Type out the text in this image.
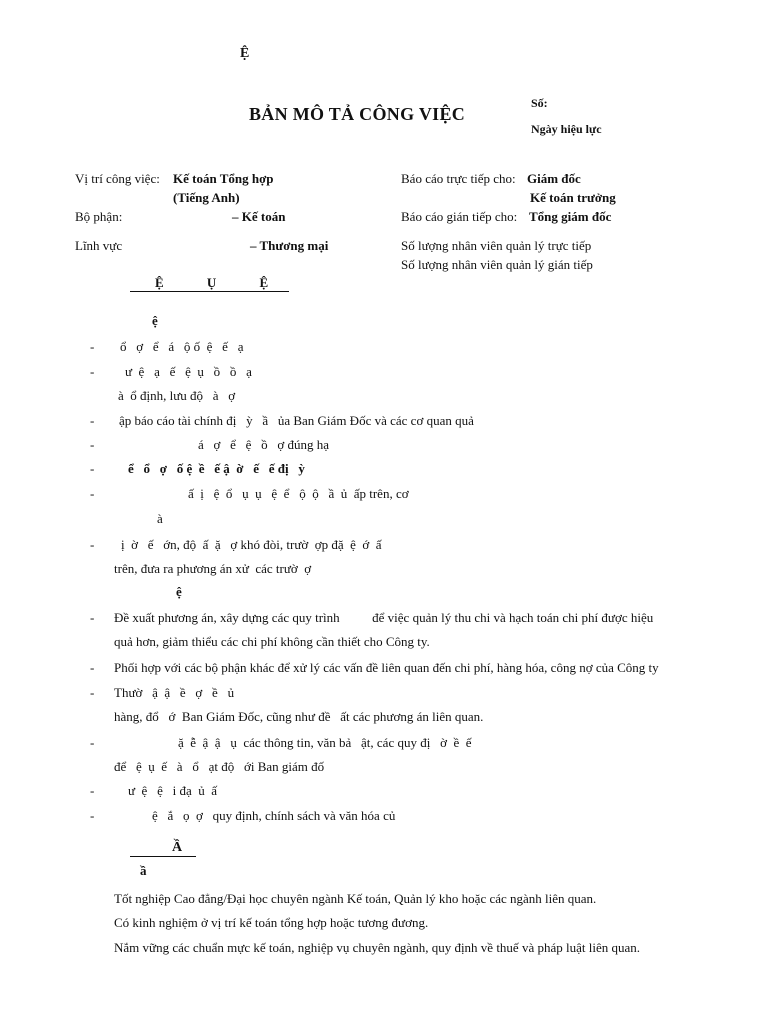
Ệ
BẢN MÔ TẢ CÔNG VIỆC
Số:
Ngày hiệu lực
Vị trí công việc: Kế toán Tổng hợp
(Tiếng Anh)
Bộ phận:	– Kế toán
Lĩnh vực	– Thương mại
Báo cáo trực tiếp cho: Giám đốc
Kế toán trưởng
Báo cáo gián tiếp cho: Tổng giám đốc
Số lượng nhân viên quản lý trực tiếp
Số lượng nhân viên quản lý gián tiếp
Ệ Ụ Ệ
ệ
- ổ   ợ   ể   á   ộ ố  ệ   ế   ạ
- ư  ệ   ạ   ế   ệ  ụ   ồ   ồ   ạ
à  ổ định, lưu độ   à   ợ
- ập báo cáo tài chính đị   ỳ   ầ   ủa Ban Giám Đốc và các cơ quan quả
-	á   ợ   ể   ệ   ồ   ợ đúng hạ
-	ể   ổ   ợ   ố ệ  ề   ế ậ  ờ   ế   ế đị   ỳ
-	ấ  ị   ệ  ổ   ụ  ụ   ệ  ể   ộ  ộ   ầ  ủ  ấp trên, cơ
à
- ị  ờ   ế   ớn, độ  ấ  ặ   ợ khó đòi, trườ  ợp đặ  ệ  ớ  ấ
trên, đưa ra phương án xử  các trườ  ợ
ệ
- Đề xuất phương án, xây dựng các quy trình          để việc quản lý thu chi và hạch toán chi phí được hiệu
quả hơn, giảm thiểu các chi phí không cần thiết cho Công ty.
- Phối hợp với các bộ phận khác để xử lý các vấn đề liên quan đến chi phí, hàng hóa, công nợ của Công ty
- Thườ   ậ  ậ   ề   ợ   ề   ủ
hàng, đổ   ớ  Ban Giám Đốc, cũng như đề   ất các phương án liên quan.
-	ặ  ễ  ậ  ậ   ụ  các thông tin, văn bả   ật, các quy đị   ờ  ề  ế
để   ệ  ụ  ế   à   ổ   ạt độ   ới Ban giám đố
-	ư  ệ   ệ   i đạ  ủ  ấ
-	ệ   ắ   ọ  ợ   quy định, chính sách và văn hóa củ
Ầ
ầ
Tốt nghiệp Cao đẳng/Đại học chuyên ngành Kế toán, Quản lý kho hoặc các ngành liên quan.
Có kinh nghiệm ở vị trí kế toán tổng hợp hoặc tương đương.
Nắm vững các chuẩn mực kế toán, nghiệp vụ chuyên ngành, quy định về thuế và pháp luật liên quan.
